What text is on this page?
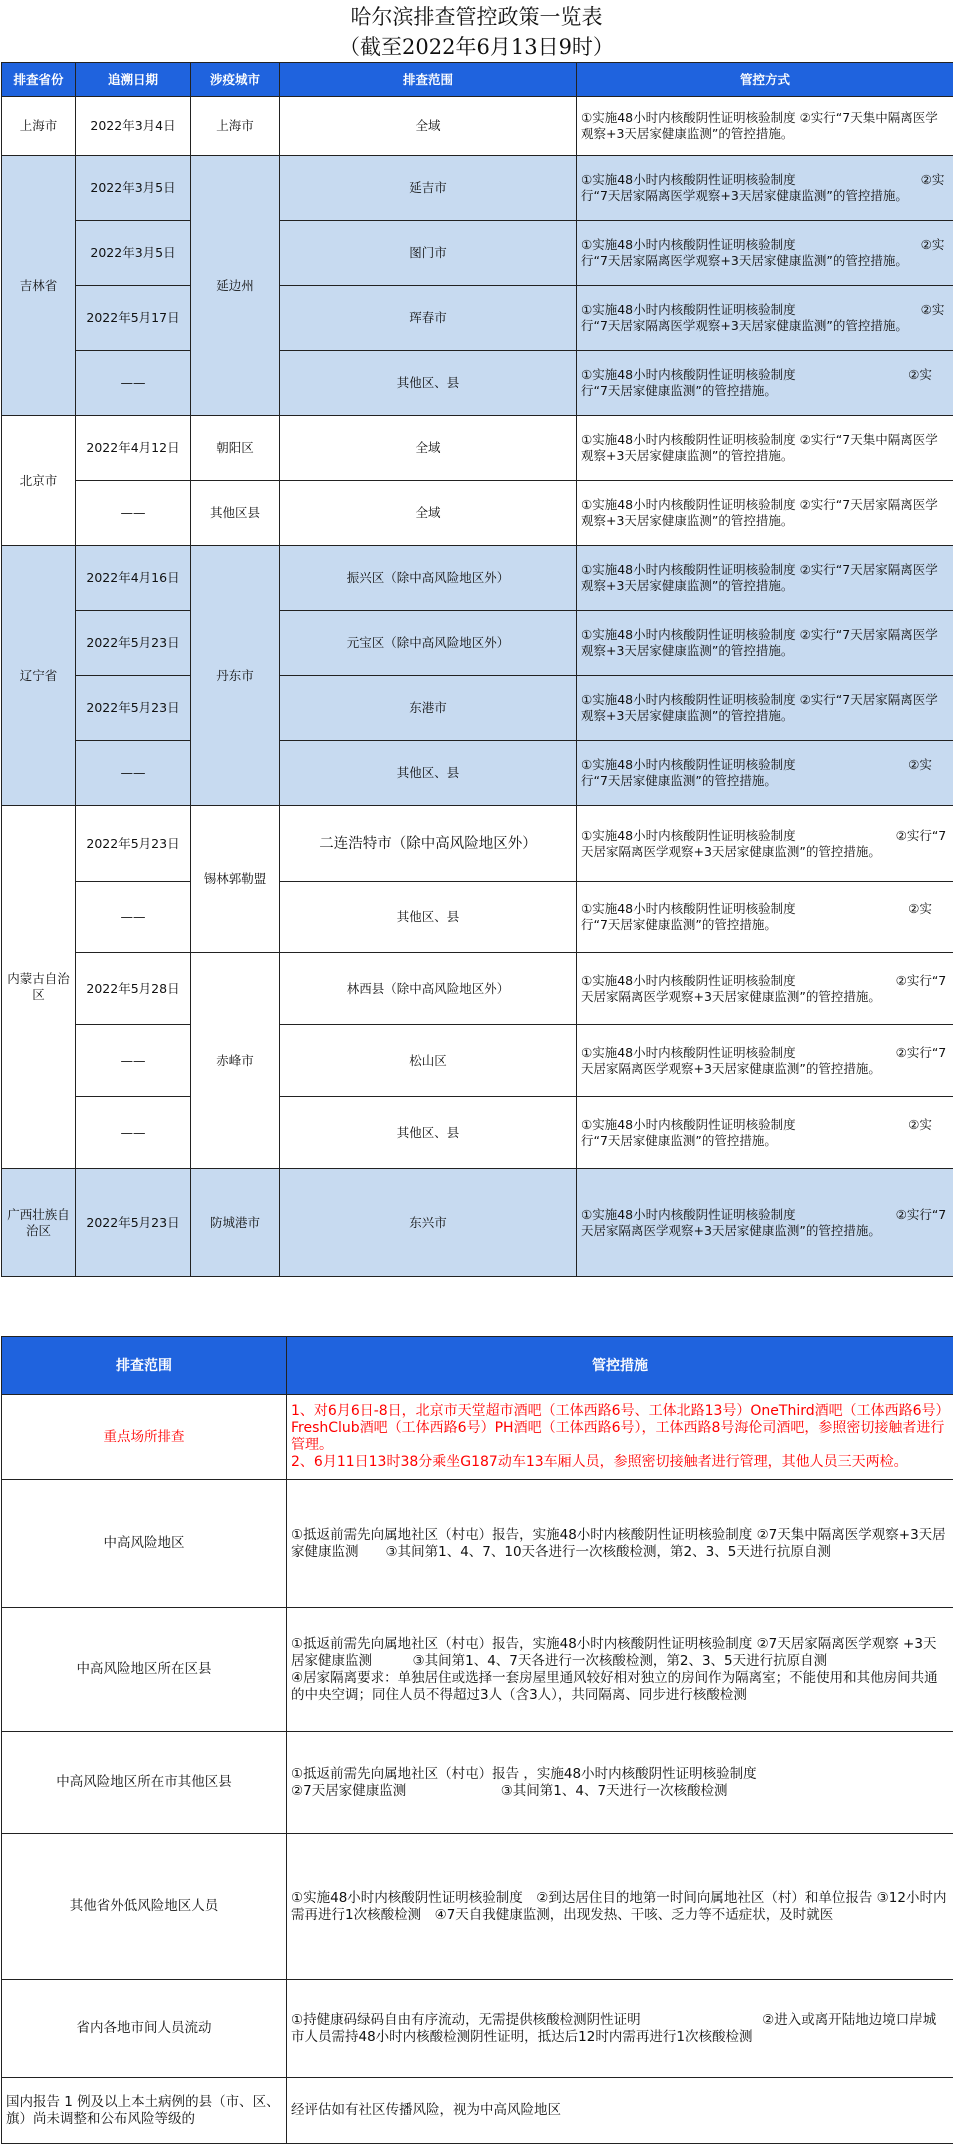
哈尔滨排查管控政策一览表
（截至2022年6月13日9时）
排查省份	追溯日期	涉疫城市	排查范围	管控方式
上海市	2022年3月4日	上海市	全域	①实施48小时内核酸阴性证明核验制度 ②实行“7天集中隔离医学观察+3天居家健康监测”的管控措施。
吉林省	2022年3月5日	延边州	延吉市	①实施48小时内核酸阴性证明核验制度　　　　　　　　　　②实行“7天居家隔离医学观察+3天居家健康监测”的管控措施。
	2022年3月5日		图门市	①实施48小时内核酸阴性证明核验制度　　　　　　　　　　②实行“7天居家隔离医学观察+3天居家健康监测”的管控措施。
	2022年5月17日		珲春市	①实施48小时内核酸阴性证明核验制度　　　　　　　　　　②实行“7天居家隔离医学观察+3天居家健康监测”的管控措施。
	——		其他区、县	①实施48小时内核酸阴性证明核验制度　　　　　　　　　②实行“7天居家健康监测”的管控措施。
北京市	2022年4月12日	朝阳区	全域	①实施48小时内核酸阴性证明核验制度 ②实行“7天集中隔离医学观察+3天居家健康监测”的管控措施。
	——	其他区县	全域	①实施48小时内核酸阴性证明核验制度 ②实行“7天居家隔离医学观察+3天居家健康监测”的管控措施。
辽宁省	2022年4月16日	丹东市	振兴区（除中高风险地区外）	①实施48小时内核酸阴性证明核验制度 ②实行“7天居家隔离医学观察+3天居家健康监测”的管控措施。
	2022年5月23日		元宝区（除中高风险地区外）	①实施48小时内核酸阴性证明核验制度 ②实行“7天居家隔离医学观察+3天居家健康监测”的管控措施。
	2022年5月23日		东港市	①实施48小时内核酸阴性证明核验制度 ②实行“7天居家隔离医学观察+3天居家健康监测”的管控措施。
	——		其他区、县	①实施48小时内核酸阴性证明核验制度　　　　　　　　　②实行“7天居家健康监测”的管控措施。
内蒙古自治区	2022年5月23日	锡林郭勒盟	二连浩特市（除中高风险地区外）	①实施48小时内核酸阴性证明核验制度　　　　　　　　②实行“7天居家隔离医学观察+3天居家健康监测”的管控措施。
	——		其他区、县	①实施48小时内核酸阴性证明核验制度　　　　　　　　　②实行“7天居家健康监测”的管控措施。
	2022年5月28日	赤峰市	林西县（除中高风险地区外）	①实施48小时内核酸阴性证明核验制度　　　　　　　　②实行“7天居家隔离医学观察+3天居家健康监测”的管控措施。
	——		松山区	①实施48小时内核酸阴性证明核验制度　　　　　　　　②实行“7天居家隔离医学观察+3天居家健康监测”的管控措施。
	——		其他区、县	①实施48小时内核酸阴性证明核验制度　　　　　　　　　②实行“7天居家健康监测”的管控措施。
广西壮族自治区	2022年5月23日	防城港市	东兴市	①实施48小时内核酸阴性证明核验制度　　　　　　　　②实行“7天居家隔离医学观察+3天居家健康监测”的管控措施。
排查范围	管控措施
重点场所排查	1、对6月6日-8日，北京市天堂超市酒吧（工体西路6号、工体北路13号）OneThird酒吧（工体西路6号）FreshClub酒吧（工体西路6号）PH酒吧（工体西路6号），工体西路8号海伦司酒吧，参照密切接触者进行管理。
2、6月11日13时38分乘坐G187动车13车厢人员，参照密切接触者进行管理，其他人员三天两检。
中高风险地区	①抵返前需先向属地社区（村屯）报告，实施48小时内核酸阴性证明核验制度 ②7天集中隔离医学观察+3天居家健康监测　　③其间第1、4、7、10天各进行一次核酸检测，第2、3、5天进行抗原自测
中高风险地区所在区县	①抵返前需先向属地社区（村屯）报告，实施48小时内核酸阴性证明核验制度 ②7天居家隔离医学观察 +3天居家健康监测　　　③其间第1、4、7天各进行一次核酸检测，第2、3、5天进行抗原自测
④居家隔离要求：单独居住或选择一套房屋里通风较好相对独立的房间作为隔离室；不能使用和其他房间共通的中央空调；同住人员不得超过3人（含3人），共同隔离、同步进行核酸检测
中高风险地区所在市其他区县	①抵返前需先向属地社区（村屯）报告 ，实施48小时内核酸阴性证明核验制度
②7天居家健康监测　　　　　　　③其间第1、4、7天进行一次核酸检测
其他省外低风险地区人员	①实施48小时内核酸阴性证明核验制度　②到达居住目的地第一时间向属地社区（村）和单位报告 ③12小时内需再进行1次核酸检测　④7天自我健康监测，出现发热、干咳、乏力等不适症状，及时就医
省内各地市间人员流动	①持健康码绿码自由有序流动，无需提供核酸检测阴性证明　　　　　　　　　②进入或离开陆地边境口岸城市人员需持48小时内核酸检测阴性证明，抵达后12时内需再进行1次核酸检测
国内报告 1 例及以上本土病例的县（市、区、旗）尚未调整和公布风险等级的	经评估如有社区传播风险，视为中高风险地区
